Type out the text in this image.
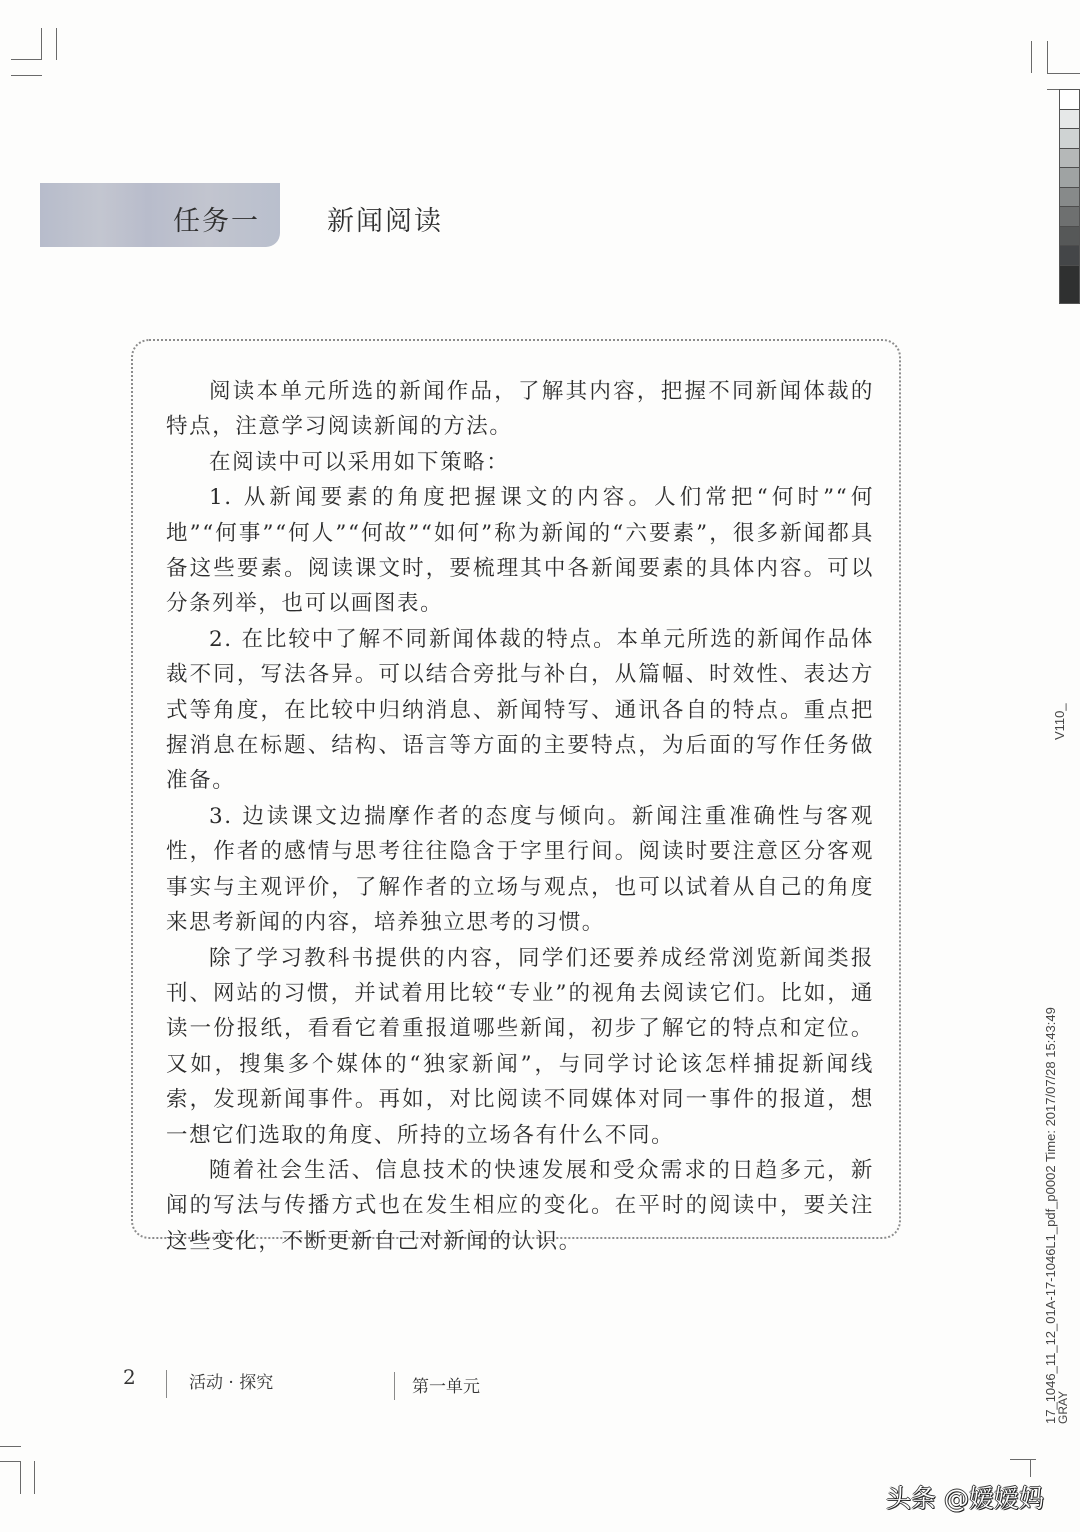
任务一 新闻阅读

阅读本单元所选的新闻作品，了解其内容，把握不同新闻体裁的特点，注意学习阅读新闻的方法。

在阅读中可以采用如下策略：

1. 从新闻要素的角度把握课文的内容。人们常把“何时”“何地”“何事”“何人”“何故”“如何”称为新闻的“六要素”，很多新闻都具备这些要素。阅读课文时，要梳理其中各新闻要素的具体内容。可以分条列举，也可以画图表。

2. 在比较中了解不同新闻体裁的特点。本单元所选的新闻作品体裁不同，写法各异。可以结合旁批与补白，从篇幅、时效性、表达方式等角度，在比较中归纳消息、新闻特写、通讯各自的特点。重点把握消息在标题、结构、语言等方面的主要特点，为后面的写作任务做准备。

3. 边读课文边揣摩作者的态度与倾向。新闻注重准确性与客观性，作者的感情与思考往往隐含于字里行间。阅读时要注意区分客观事实与主观评价，了解作者的立场与观点，也可以试着从自己的角度来思考新闻的内容，培养独立思考的习惯。

除了学习教科书提供的内容，同学们还要养成经常浏览新闻类报刊、网站的习惯，并试着用比较“专业”的视角去阅读它们。比如，通读一份报纸，看看它着重报道哪些新闻，初步了解它的特点和定位。又如，搜集多个媒体的“独家新闻”，与同学讨论该怎样捕捉新闻线索，发现新闻事件。再如，对比阅读不同媒体对同一事件的报道，想一想它们选取的角度、所持的立场各有什么不同。

随着社会生活、信息技术的快速发展和受众需求的日趋多元，新闻的写法与传播方式也在发生相应的变化。在平时的阅读中，要关注这些变化，不断更新自己对新闻的认识。

2	活动 · 探究	第一单元
V110_
17_1046_11_12_01A-17-1046L1_pdf_p0002 Time: 2017/07/28 15:43:49
GRAY
头条 @嫒嫒妈
